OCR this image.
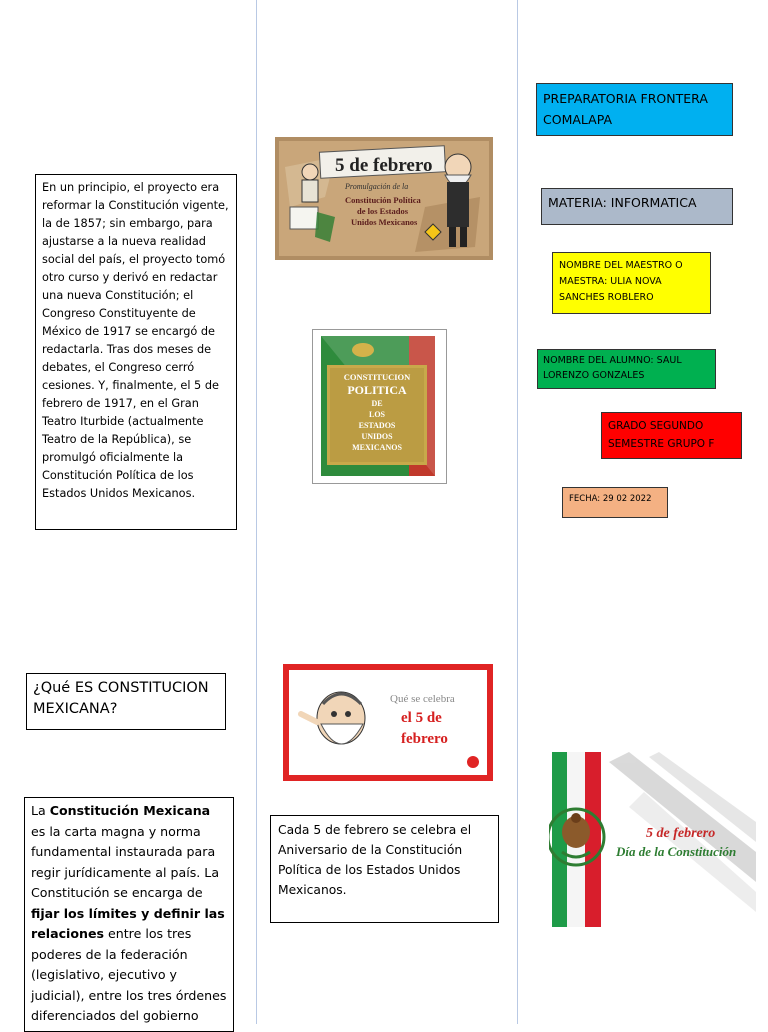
En un principio, el proyecto era reformar la Constitución vigente, la de 1857; sin embargo, para ajustarse a la nueva realidad social del país, el proyecto tomó otro curso y derivó en redactar una nueva Constitución; el Congreso Constituyente de México de 1917 se encargó de redactarla. Tras dos meses de debates, el Congreso cerró cesiones. Y, finalmente, el 5 de febrero de 1917, en el Gran Teatro Iturbide (actualmente Teatro de la República), se promulgó oficialmente la Constitución Política de los Estados Unidos Mexicanos.
¿Qué ES CONSTITUCION MEXICANA?
La Constitución Mexicana es la carta magna y norma fundamental instaurada para regir jurídicamente al país. La Constitución se encarga de fijar los límites y definir las relaciones entre los tres poderes de la federación (legislativo, ejecutivo y judicial), entre los tres órdenes diferenciados del gobierno
5 de febrero
Promulgación de la
Constitución Política
de los Estados
Unidos Mexicanos
CONSTITUCION
POLITICA
DE
LOS
ESTADOS
UNIDOS
MEXICANOS
Qué se celebra
el 5 de
febrero
Cada 5 de febrero se celebra el Aniversario de la Constitución Política de los Estados Unidos Mexicanos.
PREPARATORIA FRONTERA COMALAPA
MATERIA: INFORMATICA
NOMBRE DEL MAESTRO O MAESTRA: ULIA NOVA SANCHES ROBLERO
NOMBRE DEL ALUMNO: SAUL LORENZO GONZALES
GRADO SEGUNDO SEMESTRE GRUPO F
FECHA: 29 02 2022
5 de febrero
Día de la Constitución
